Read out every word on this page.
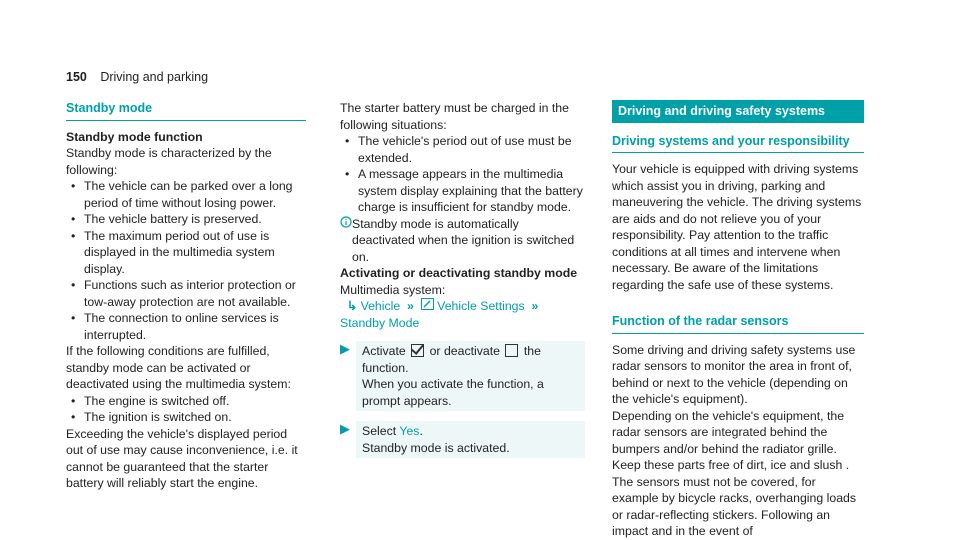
150 Driving and parking
Standby mode
Standby mode function

Standby mode is characterized by the following:

• The vehicle can be parked over a long period of time without losing power.
• The vehicle battery is preserved.
• The maximum period out of use is displayed in the multimedia system display.
• Functions such as interior protection or tow-away protection are not available.
• The connection to online services is interrupted.

If the following conditions are fulfilled, standby mode can be activated or deactivated using the multimedia system:

• The engine is switched off.
• The ignition is switched on.

Exceeding the vehicle's displayed period out of use may cause inconvenience, i.e. it cannot be guaranteed that the starter battery will reliably start the engine.

The starter battery must be charged in the following situations:

• The vehicle's period out of use must be extended.
• A message appears in the multimedia system display explaining that the battery charge is insufficient for standby mode.
Standby mode is automatically deactivated when the ignition is switched on.
Activating or deactivating standby mode

Multimedia system:

↳ Vehicle  »   Vehicle Settings  »  Standby Mode

▶ Activate or deactivate the function.
When you activate the function, a prompt appears.
▶ Select Yes.
Standby mode is activated.
Driving and driving safety systems
Driving systems and your responsibility

Your vehicle is equipped with driving systems which assist you in driving, parking and maneuvering the vehicle. The driving systems are aids and do not relieve you of your responsibility. Pay attention to the traffic conditions at all times and intervene when necessary. Be aware of the limitations regarding the safe use of these systems.

Function of the radar sensors

Some driving and driving safety systems use radar sensors to monitor the area in front of, behind or next to the vehicle (depending on the vehicle's equipment).

Depending on the vehicle's equipment, the radar sensors are integrated behind the bumpers and/or behind the radiator grille. Keep these parts free of dirt, ice and slush . The sensors must not be covered, for example by bicycle racks, overhanging loads or radar-reflecting stickers. Following an impact and in the event of
